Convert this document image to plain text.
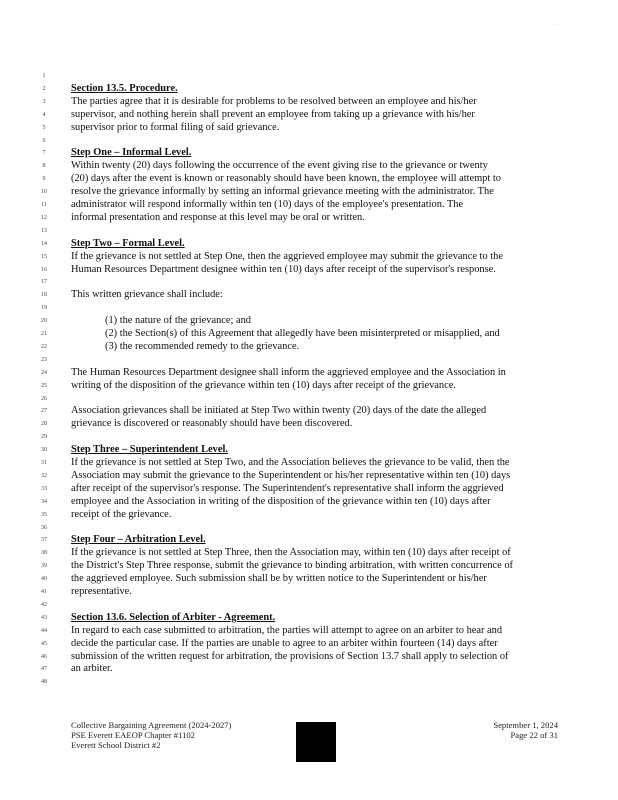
· ·
1
2	Section 13.5. Procedure.
3	The parties agree that it is desirable for problems to be resolved between an employee and his/her
4	supervisor, and nothing herein shall prevent an employee from taking up a grievance with his/her
5	supervisor prior to formal filing of said grievance.
6
7	Step One – Informal Level.
8	Within twenty (20) days following the occurrence of the event giving rise to the grievance or twenty
9	(20) days after the event is known or reasonably should have been known, the employee will attempt to
10	resolve the grievance informally by setting an informal grievance meeting with the administrator. The
11	administrator will respond informally within ten (10) days of the employee's presentation. The
12	informal presentation and response at this level may be oral or written.
13
14	Step Two – Formal Level.
15	If the grievance is not settled at Step One, then the aggrieved employee may submit the grievance to the
16	Human Resources Department designee within ten (10) days after receipt of the supervisor's response.
17
18	This written grievance shall include:
19
20	(1) the nature of the grievance; and
21	(2) the Section(s) of this Agreement that allegedly have been misinterpreted or misapplied, and
22	(3) the recommended remedy to the grievance.
23
24	The Human Resources Department designee shall inform the aggrieved employee and the Association in
25	writing of the disposition of the grievance within ten (10) days after receipt of the grievance.
26
27	Association grievances shall be initiated at Step Two within twenty (20) days of the date the alleged
28	grievance is discovered or reasonably should have been discovered.
29
30	Step Three – Superintendent Level.
31	If the grievance is not settled at Step Two, and the Association believes the grievance to be valid, then the
32	Association may submit the grievance to the Superintendent or his/her representative within ten (10) days
33	after receipt of the supervisor's response. The Superintendent's representative shall inform the aggrieved
34	employee and the Association in writing of the disposition of the grievance within ten (10) days after
35	receipt of the grievance.
36
37	Step Four – Arbitration Level.
38	If the grievance is not settled at Step Three, then the Association may, within ten (10) days after receipt of
39	the District's Step Three response, submit the grievance to binding arbitration, with written concurrence of
40	the aggrieved employee. Such submission shall be by written notice to the Superintendent or his/her
41	representative.
42
43	Section 13.6. Selection of Arbiter - Agreement.
44	In regard to each case submitted to arbitration, the parties will attempt to agree on an arbiter to hear and
45	decide the particular case. If the parties are unable to agree to an arbiter within fourteen (14) days after
46	submission of the written request for arbitration, the provisions of Section 13.7 shall apply to selection of
47	an arbiter.
48
Collective Bargaining Agreement (2024-2027)
PSE Everett EAEOP Chapter #1102
Everett School District #2
September 1, 2024
Page 22 of 31
